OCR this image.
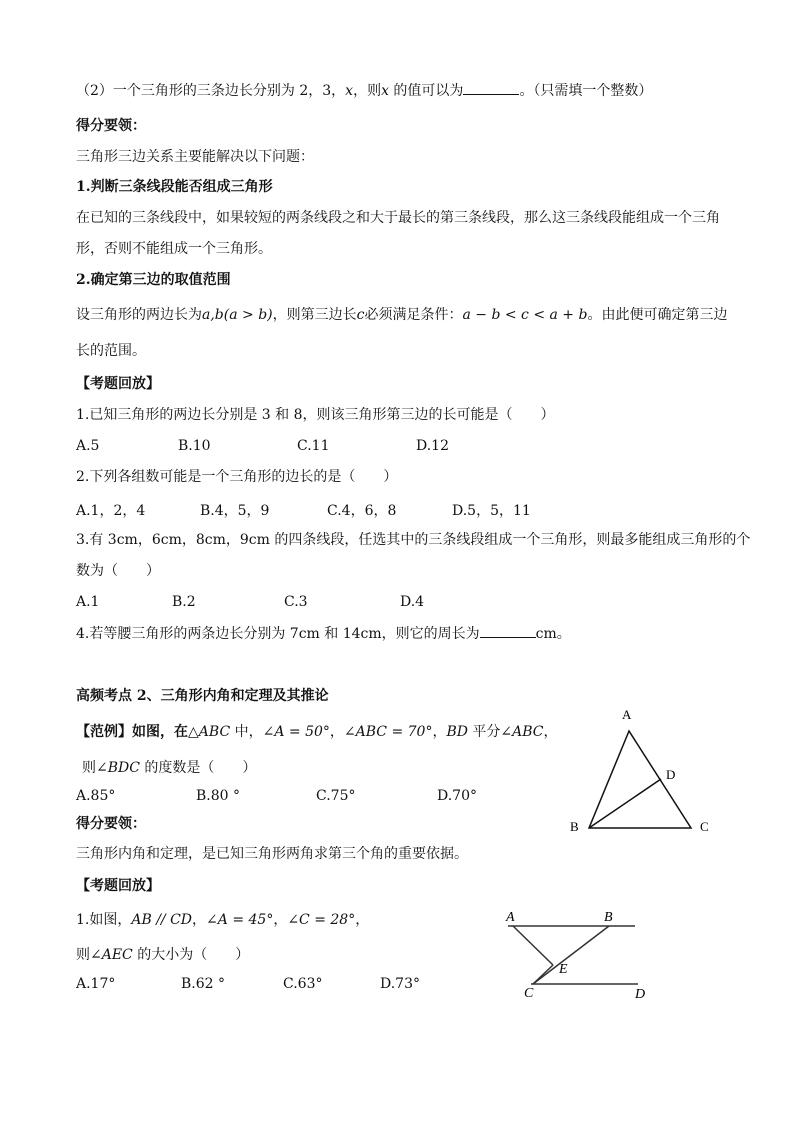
（2）一个三角形的三条边长分别为 2，3，x，则x 的值可以为	。（只需填一个整数）
得分要领：
三角形三边关系主要能解决以下问题：
1.判断三条线段能否组成三角形
在已知的三条线段中，如果较短的两条线段之和大于最长的第三条线段，那么这三条线段能组成一个三角
形，否则不能组成一个三角形。
2.确定第三边的取值范围
设三角形的两边长为a,b(a > b)，则第三边长c必须满足条件：a − b < c < a + b。由此便可确定第三边
长的范围。
【考题回放】
1.已知三角形的两边长分别是 3 和 8，则该三角形第三边的长可能是（　　）
A.5	B.10	C.11	D.12
2.下列各组数可能是一个三角形的边长的是（　　）
A.1，2，4	B.4，5，9	C.4，6，8	D.5，5，11
3.有 3cm，6cm，8cm，9cm 的四条线段，任选其中的三条线段组成一个三角形，则最多能组成三角形的个
数为（　　）
A.1	B.2	C.3	D.4
4.若等腰三角形的两条边长分别为 7cm 和 14cm，则它的周长为	cm。
高频考点 2、三角形内角和定理及其推论
【范例】如图，在△ABC 中，∠A = 50°，∠ABC = 70°，BD 平分∠ABC，
则∠BDC 的度数是（　　）
A.85°	B.80 °	C.75°	D.70°
A
B	C
D
得分要领：
三角形内角和定理，是已知三角形两角求第三个角的重要依据。
【考题回放】
1.如图，AB // CD，∠A = 45°，∠C = 28°，
则∠AEC 的大小为（　　）
A.17°	B.62 °	C.63°	D.73°
A	B
E
C	D
